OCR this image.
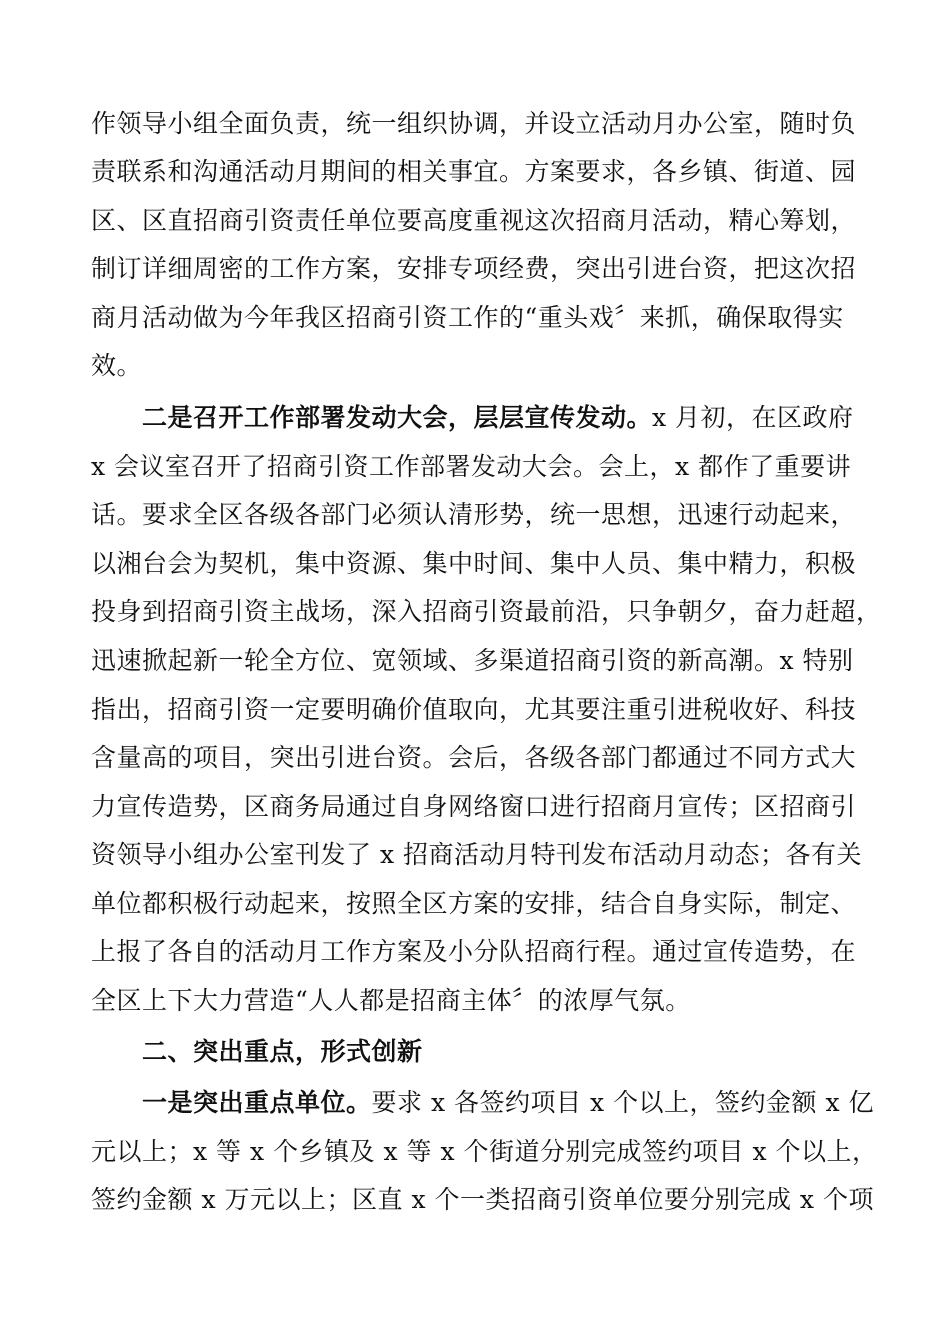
作领导小组全面负责，统一组织协调，并设立活动月办公室，随时负
责联系和沟通活动月期间的相关事宜。方案要求，各乡镇、街道、园
区、区直招商引资责任单位要高度重视这次招商月活动，精心筹划，
制订详细周密的工作方案，安排专项经费，突出引进台资，把这次招
商月活动做为今年我区招商引资工作的“重头戏〞来抓，确保取得实
效。
二是召开工作部署发动大会，层层宣传发动。x 月初，在区政府
x 会议室召开了招商引资工作部署发动大会。会上，x 都作了重要讲
话。要求全区各级各部门必须认清形势，统一思想，迅速行动起来，
以湘台会为契机，集中资源、集中时间、集中人员、集中精力，积极
投身到招商引资主战场，深入招商引资最前沿，只争朝夕，奋力赶超，
迅速掀起新一轮全方位、宽领域、多渠道招商引资的新高潮。x 特别
指出，招商引资一定要明确价值取向，尤其要注重引进税收好、科技
含量高的项目，突出引进台资。会后，各级各部门都通过不同方式大
力宣传造势，区商务局通过自身网络窗口进行招商月宣传；区招商引
资领导小组办公室刊发了 x 招商活动月特刊发布活动月动态；各有关
单位都积极行动起来，按照全区方案的安排，结合自身实际，制定、
上报了各自的活动月工作方案及小分队招商行程。通过宣传造势，在
全区上下大力营造“人人都是招商主体〞的浓厚气氛。
二、突出重点，形式创新
一是突出重点单位。要求 x 各签约项目 x 个以上，签约金额 x 亿
元以上；x 等 x 个乡镇及 x 等 x 个街道分别完成签约项目 x 个以上，
签约金额 x 万元以上；区直 x 个一类招商引资单位要分别完成 x 个项
